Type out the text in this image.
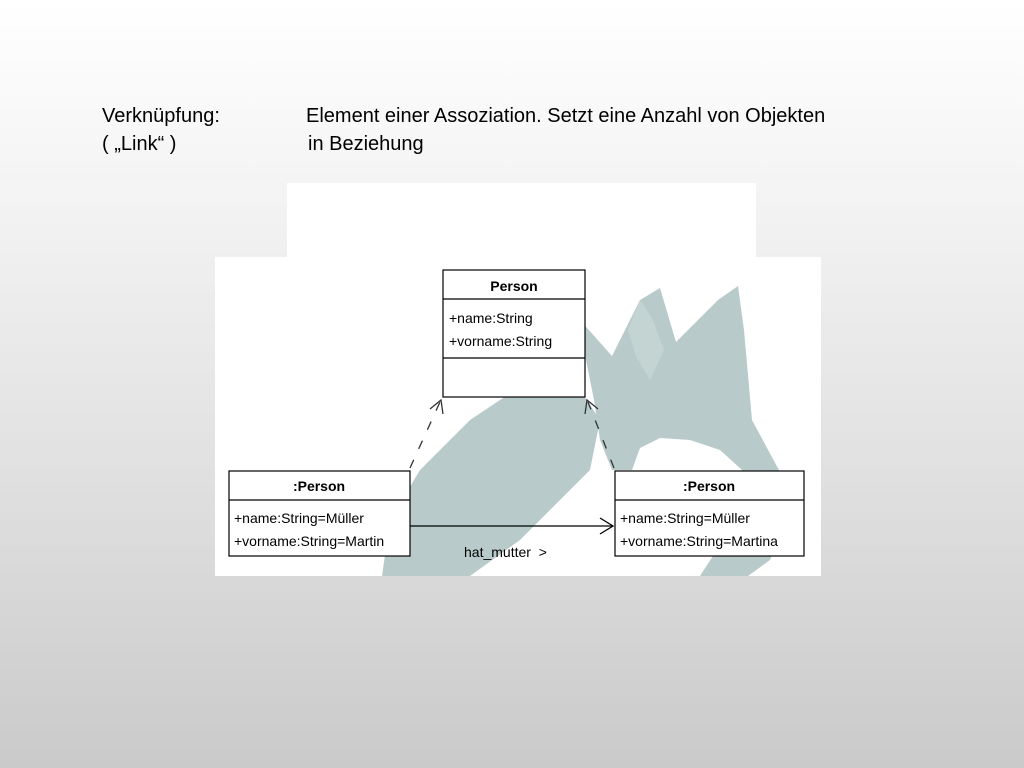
Verknüpfung:
( „Link“ )
Element einer Assoziation. Setzt eine Anzahl von Objekten
in Beziehung
Person
+name:String
+vorname:String
:Person
+name:String=Müller
+vorname:String=Martin
:Person
+name:String=Müller
+vorname:String=Martina
hat_mutter  >
